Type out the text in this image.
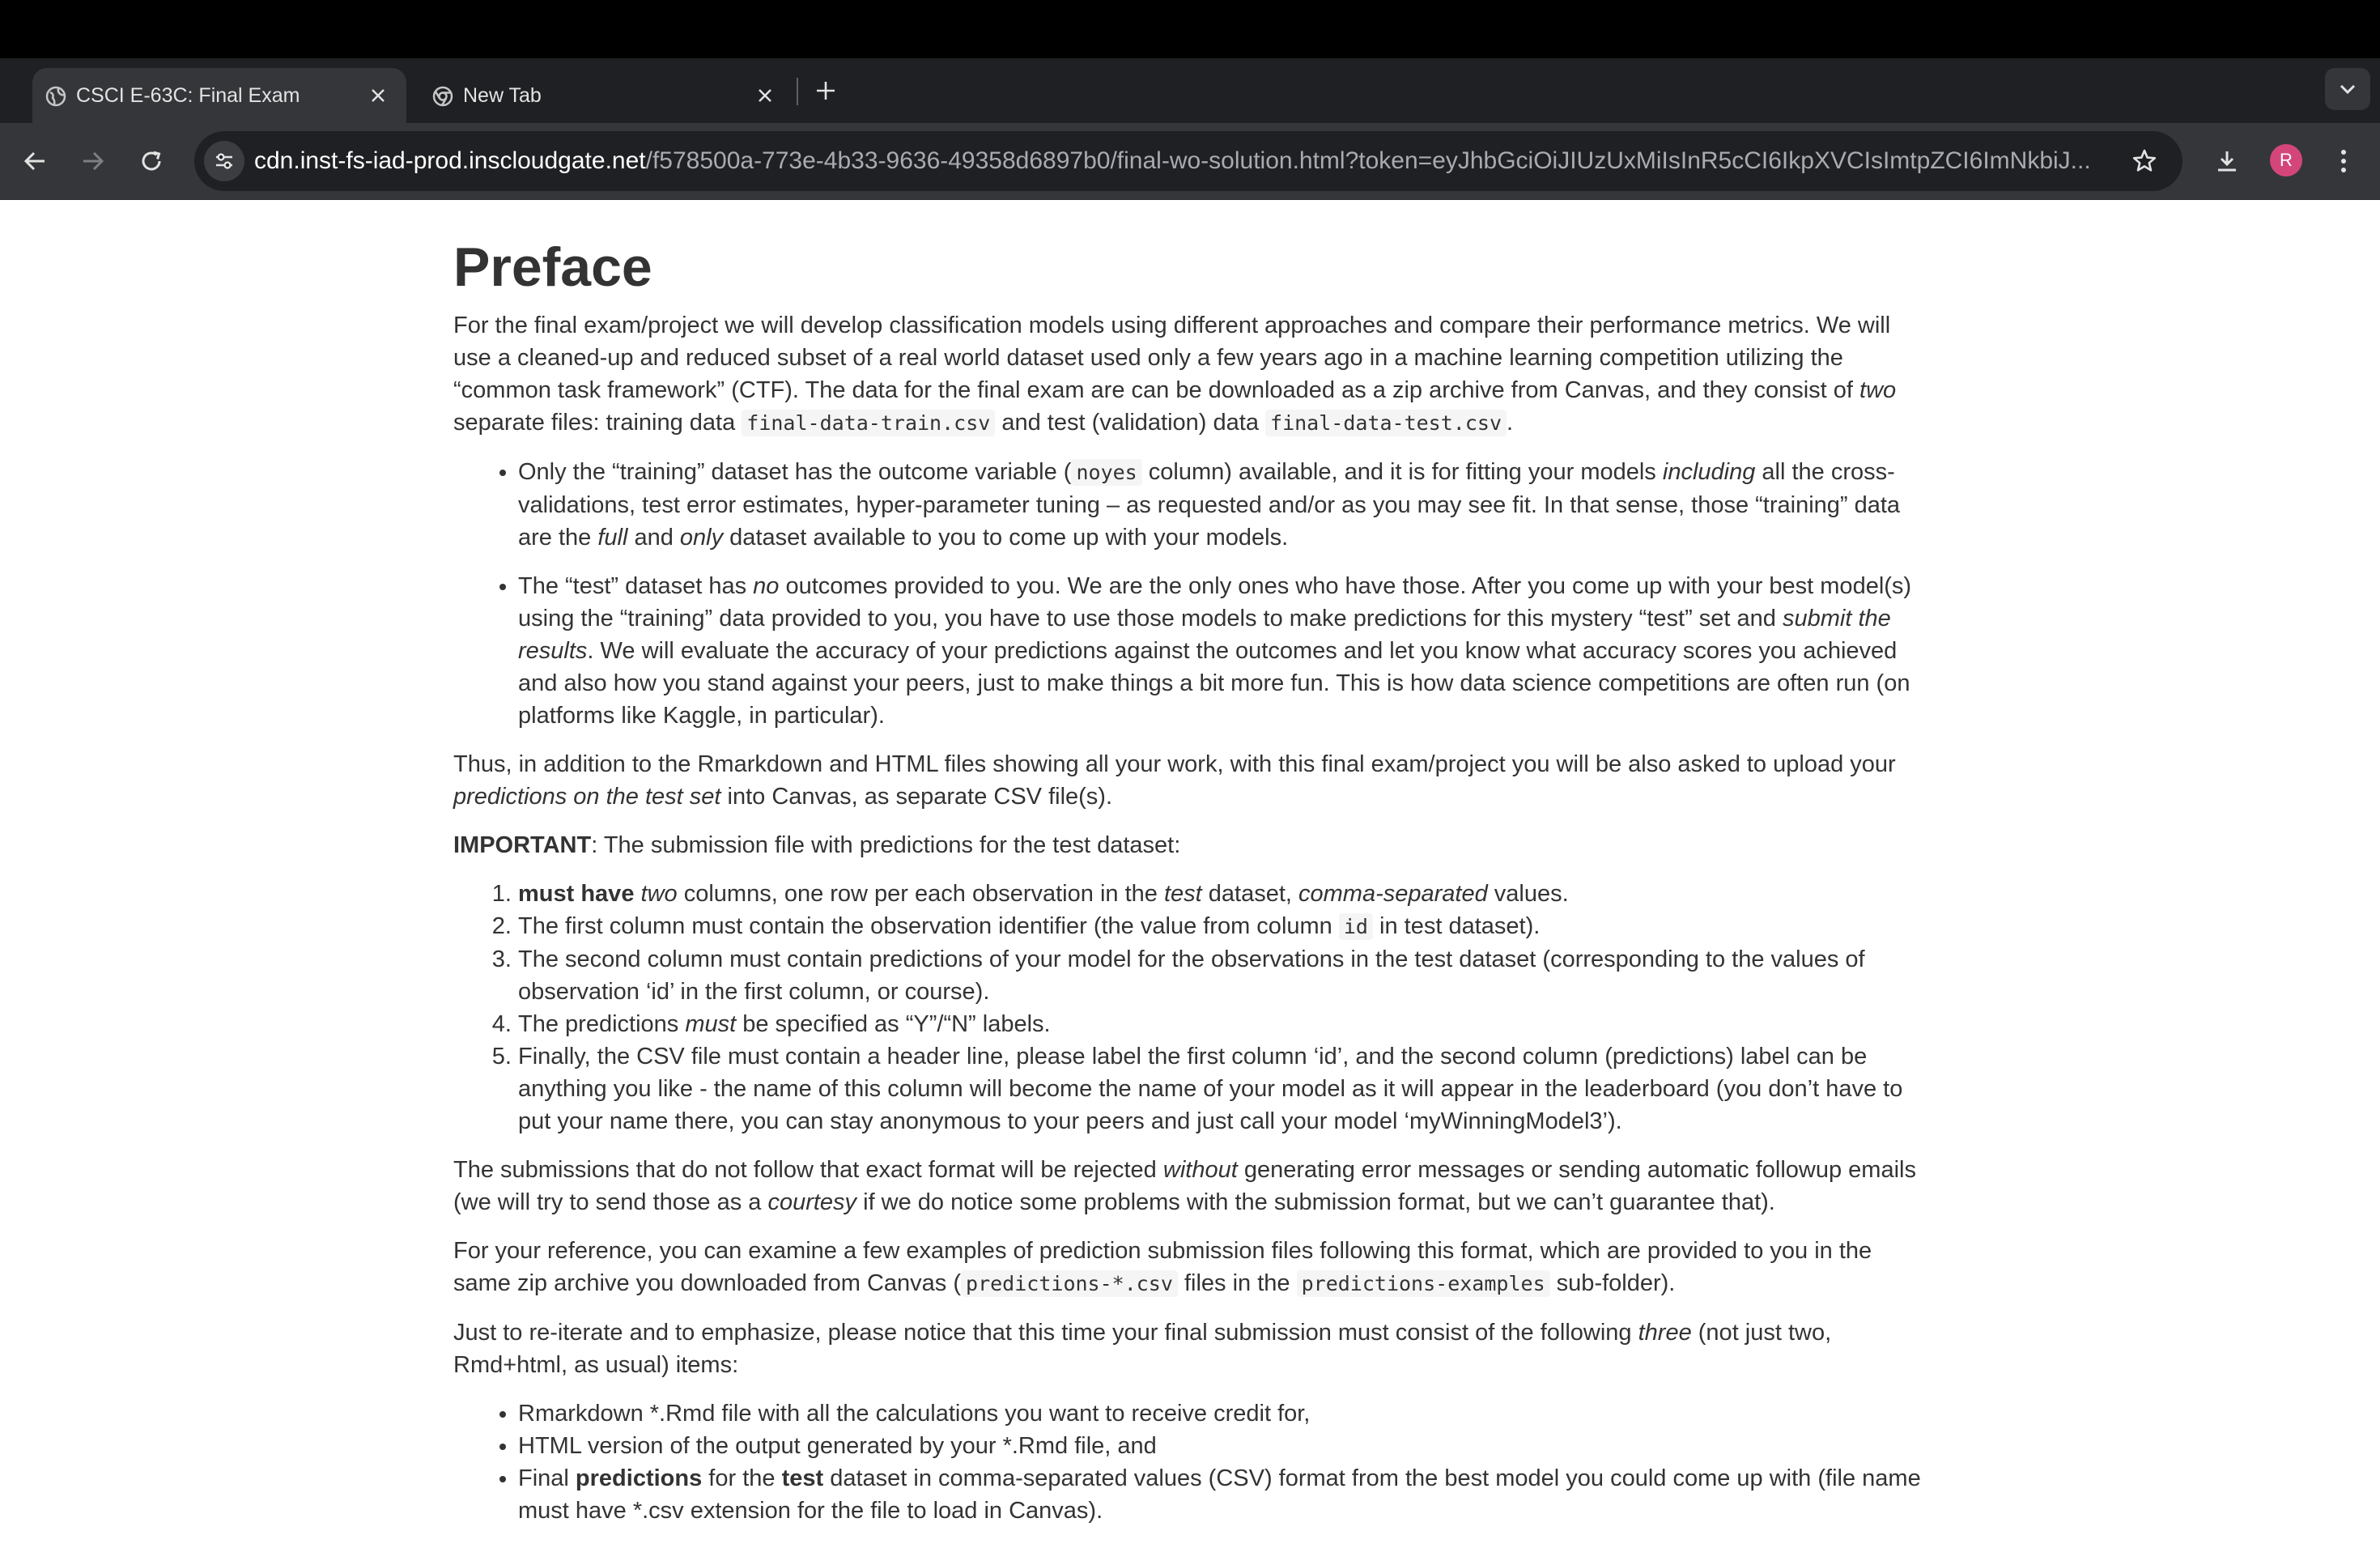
CSCI E-63C: Final Exam	New Tab
cdn.inst-fs-iad-prod.inscloudgate.net/f578500a-773e-4b33-9636-49358d6897b0/final-wo-solution.html?token=eyJhbGciOiJIUzUxMiIsInR5cCI6IkpXVCIsImtpZCI6ImNkbiJ...	R
Preface

For the final exam/project we will develop classification models using different approaches and compare their performance metrics. We will use a cleaned-up and reduced subset of a real world dataset used only a few years ago in a machine learning competition utilizing the “common task framework” (CTF). The data for the final exam are can be downloaded as a zip archive from Canvas, and they consist of two separate files: training data final-data-train.csv and test (validation) data final-data-test.csv .

• Only the “training” dataset has the outcome variable ( noyes column) available, and it is for fitting your models including all the cross-validations, test error estimates, hyper-parameter tuning – as requested and/or as you may see fit. In that sense, those “training” data are the full and only dataset available to you to come up with your models.
• The “test” dataset has no outcomes provided to you. We are the only ones who have those. After you come up with your best model(s) using the “training” data provided to you, you have to use those models to make predictions for this mystery “test” set and submit the results. We will evaluate the accuracy of your predictions against the outcomes and let you know what accuracy scores you achieved and also how you stand against your peers, just to make things a bit more fun. This is how data science competitions are often run (on platforms like Kaggle, in particular).

Thus, in addition to the Rmarkdown and HTML files showing all your work, with this final exam/project you will be also asked to upload your predictions on the test set into Canvas, as separate CSV file(s).

IMPORTANT: The submission file with predictions for the test dataset:

1. must have two columns, one row per each observation in the test dataset, comma-separated values.
2. The first column must contain the observation identifier (the value from column id in test dataset).
3. The second column must contain predictions of your model for the observations in the test dataset (corresponding to the values of observation ‘id’ in the first column, or course).
4. The predictions must be specified as “Y”/“N” labels.
5. Finally, the CSV file must contain a header line, please label the first column ‘id’, and the second column (predictions) label can be anything you like - the name of this column will become the name of your model as it will appear in the leaderboard (you don’t have to put your name there, you can stay anonymous to your peers and just call your model ‘myWinningModel3’).

The submissions that do not follow that exact format will be rejected without generating error messages or sending automatic followup emails (we will try to send those as a courtesy if we do notice some problems with the submission format, but we can’t guarantee that).

For your reference, you can examine a few examples of prediction submission files following this format, which are provided to you in the same zip archive you downloaded from Canvas ( predictions-*.csv files in the predictions-examples sub-folder).

Just to re-iterate and to emphasize, please notice that this time your final submission must consist of the following three (not just two, Rmd+html, as usual) items:

• Rmarkdown *.Rmd file with all the calculations you want to receive credit for,
• HTML version of the output generated by your *.Rmd file, and
• Final predictions for the test dataset in comma-separated values (CSV) format from the best model you could come up with (file name must have *.csv extension for the file to load in Canvas).
